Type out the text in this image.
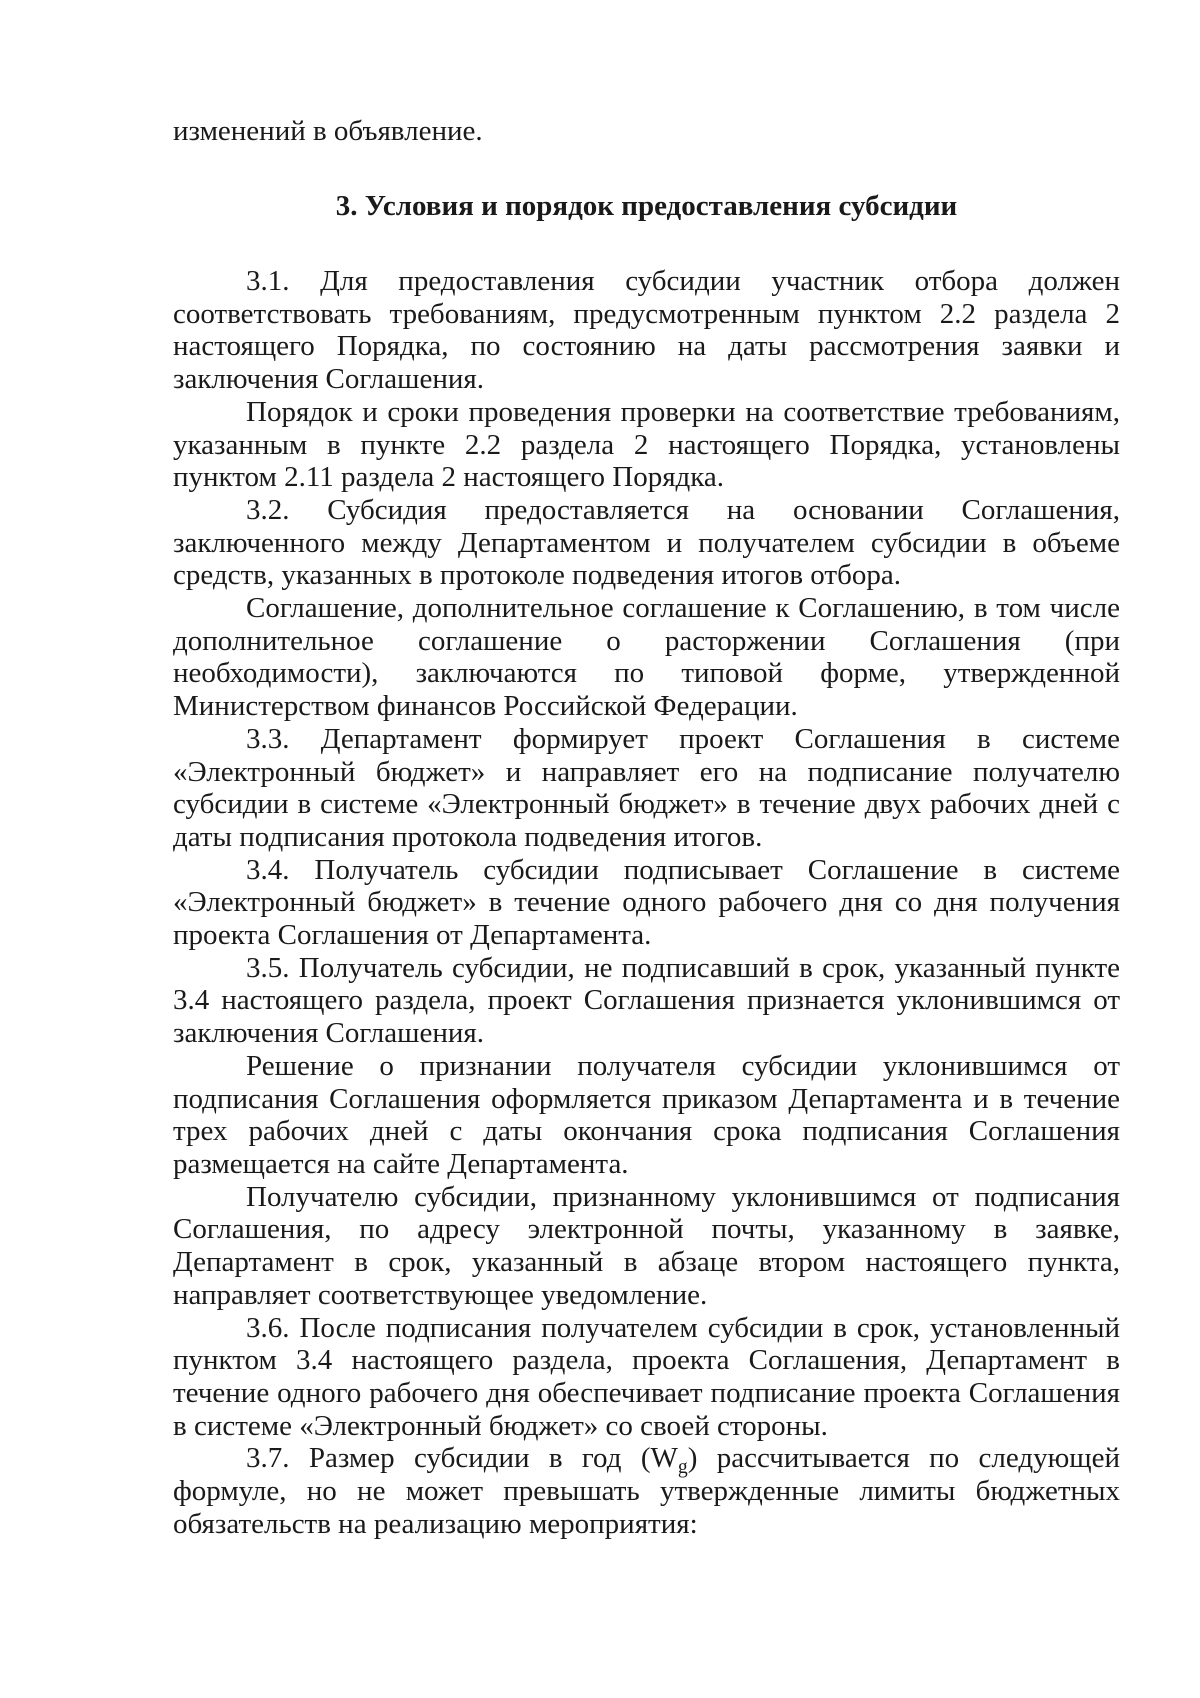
изменений в объявление.

3. Условия и порядок предоставления субсидии

3.1. Для предоставления субсидии участник отбора должен соответствовать требованиям, предусмотренным пунктом 2.2 раздела 2 настоящего Порядка, по состоянию на даты рассмотрения заявки и заключения Соглашения.

Порядок и сроки проведения проверки на соответствие требованиям, указанным в пункте 2.2 раздела 2 настоящего Порядка, установлены пунктом 2.11 раздела 2 настоящего Порядка.

3.2. Субсидия предоставляется на основании Соглашения, заключенного между Департаментом и получателем субсидии в объеме средств, указанных в протоколе подведения итогов отбора.

Соглашение, дополнительное соглашение к Соглашению, в том числе дополнительное соглашение о расторжении Соглашения (при необходимости), заключаются по типовой форме, утвержденной Министерством финансов Российской Федерации.

3.3. Департамент формирует проект Соглашения в системе «Электронный бюджет» и направляет его на подписание получателю субсидии в системе «Электронный бюджет» в течение двух рабочих дней с даты подписания протокола подведения итогов.

3.4. Получатель субсидии подписывает Соглашение в системе «Электронный бюджет» в течение одного рабочего дня со дня получения проекта Соглашения от Департамента.

3.5. Получатель субсидии, не подписавший в срок, указанный пункте 3.4 настоящего раздела, проект Соглашения признается уклонившимся от заключения Соглашения.

Решение о признании получателя субсидии уклонившимся от подписания Соглашения оформляется приказом Департамента и в течение трех рабочих дней с даты окончания срока подписания Соглашения размещается на сайте Департамента.

Получателю субсидии, признанному уклонившимся от подписания Соглашения, по адресу электронной почты, указанному в заявке, Департамент в срок, указанный в абзаце втором настоящего пункта, направляет соответствующее уведомление.

3.6. После подписания получателем субсидии в срок, установленный пунктом 3.4 настоящего раздела, проекта Соглашения, Департамент в течение одного рабочего дня обеспечивает подписание проекта Соглашения в системе «Электронный бюджет» со своей стороны.

3.7. Размер субсидии в год $(W_g)$ рассчитывается по следующей формуле, но не может превышать утвержденные лимиты бюджетных обязательств на реализацию мероприятия:
